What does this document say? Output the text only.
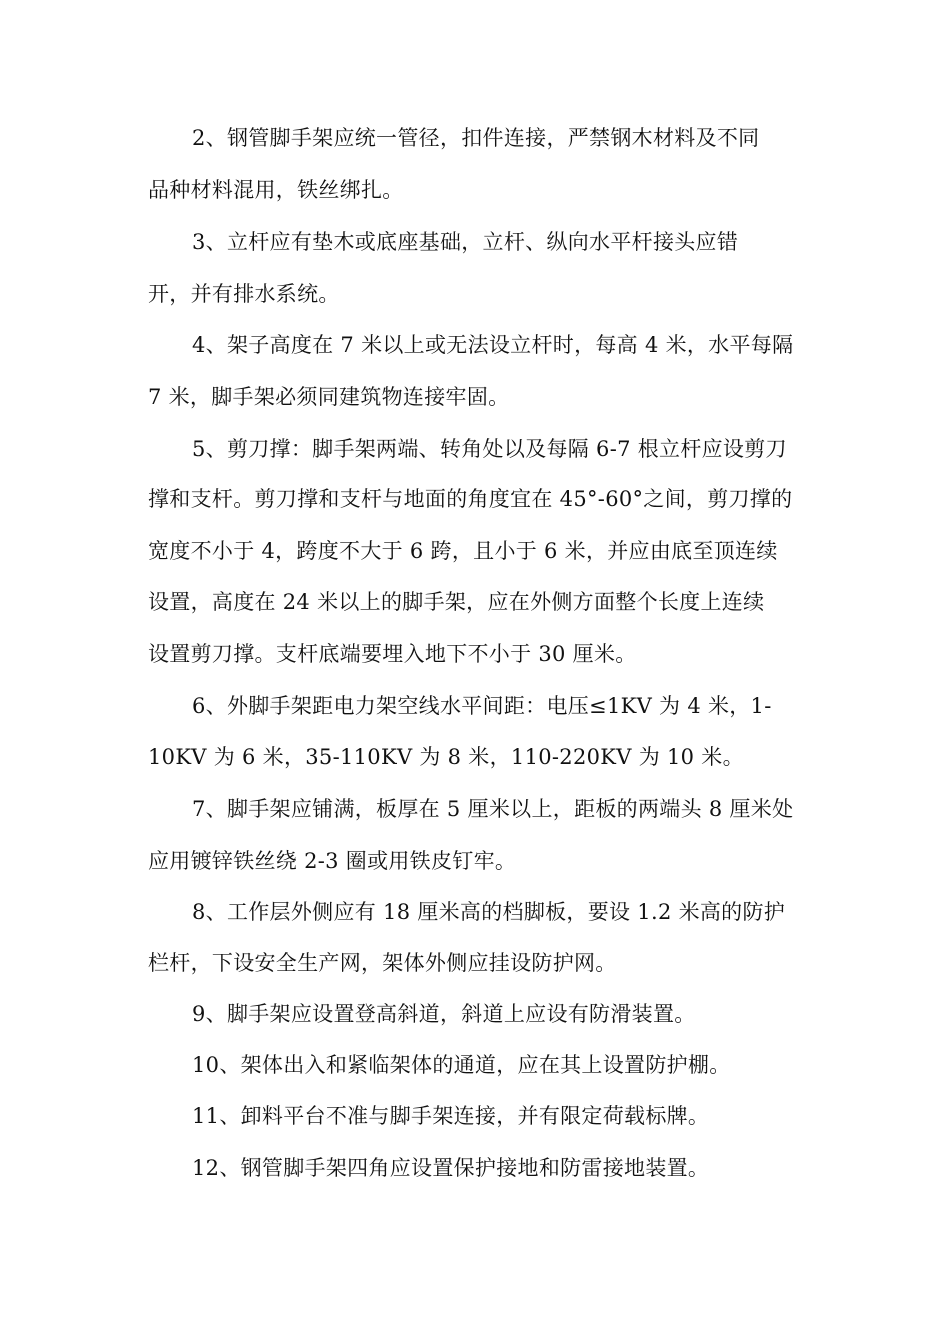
2、钢管脚手架应统一管径，扣件连接，严禁钢木材料及不同
品种材料混用，铁丝绑扎。
3、立杆应有垫木或底座基础，立杆、纵向水平杆接头应错
开，并有排水系统。
4、架子高度在 7 米以上或无法设立杆时，每高 4 米，水平每隔
7 米，脚手架必须同建筑物连接牢固。
5、剪刀撑：脚手架两端、转角处以及每隔 6-7 根立杆应设剪刀
撑和支杆。剪刀撑和支杆与地面的角度宜在 45°-60°之间，剪刀撑的
宽度不小于 4，跨度不大于 6 跨，且小于 6 米，并应由底至顶连续
设置，高度在 24 米以上的脚手架，应在外侧方面整个长度上连续
设置剪刀撑。支杆底端要埋入地下不小于 30 厘米。
6、外脚手架距电力架空线水平间距：电压≤1KV 为 4 米，1-
10KV 为 6 米，35-110KV 为 8 米，110-220KV 为 10 米。
7、脚手架应铺满，板厚在 5 厘米以上，距板的两端头 8 厘米处
应用镀锌铁丝绕 2-3 圈或用铁皮钉牢。
8、工作层外侧应有 18 厘米高的档脚板，要设 1.2 米高的防护
栏杆，下设安全生产网，架体外侧应挂设防护网。
9、脚手架应设置登高斜道，斜道上应设有防滑装置。
10、架体出入和紧临架体的通道，应在其上设置防护棚。
11、卸料平台不准与脚手架连接，并有限定荷载标牌。
12、钢管脚手架四角应设置保护接地和防雷接地装置。
